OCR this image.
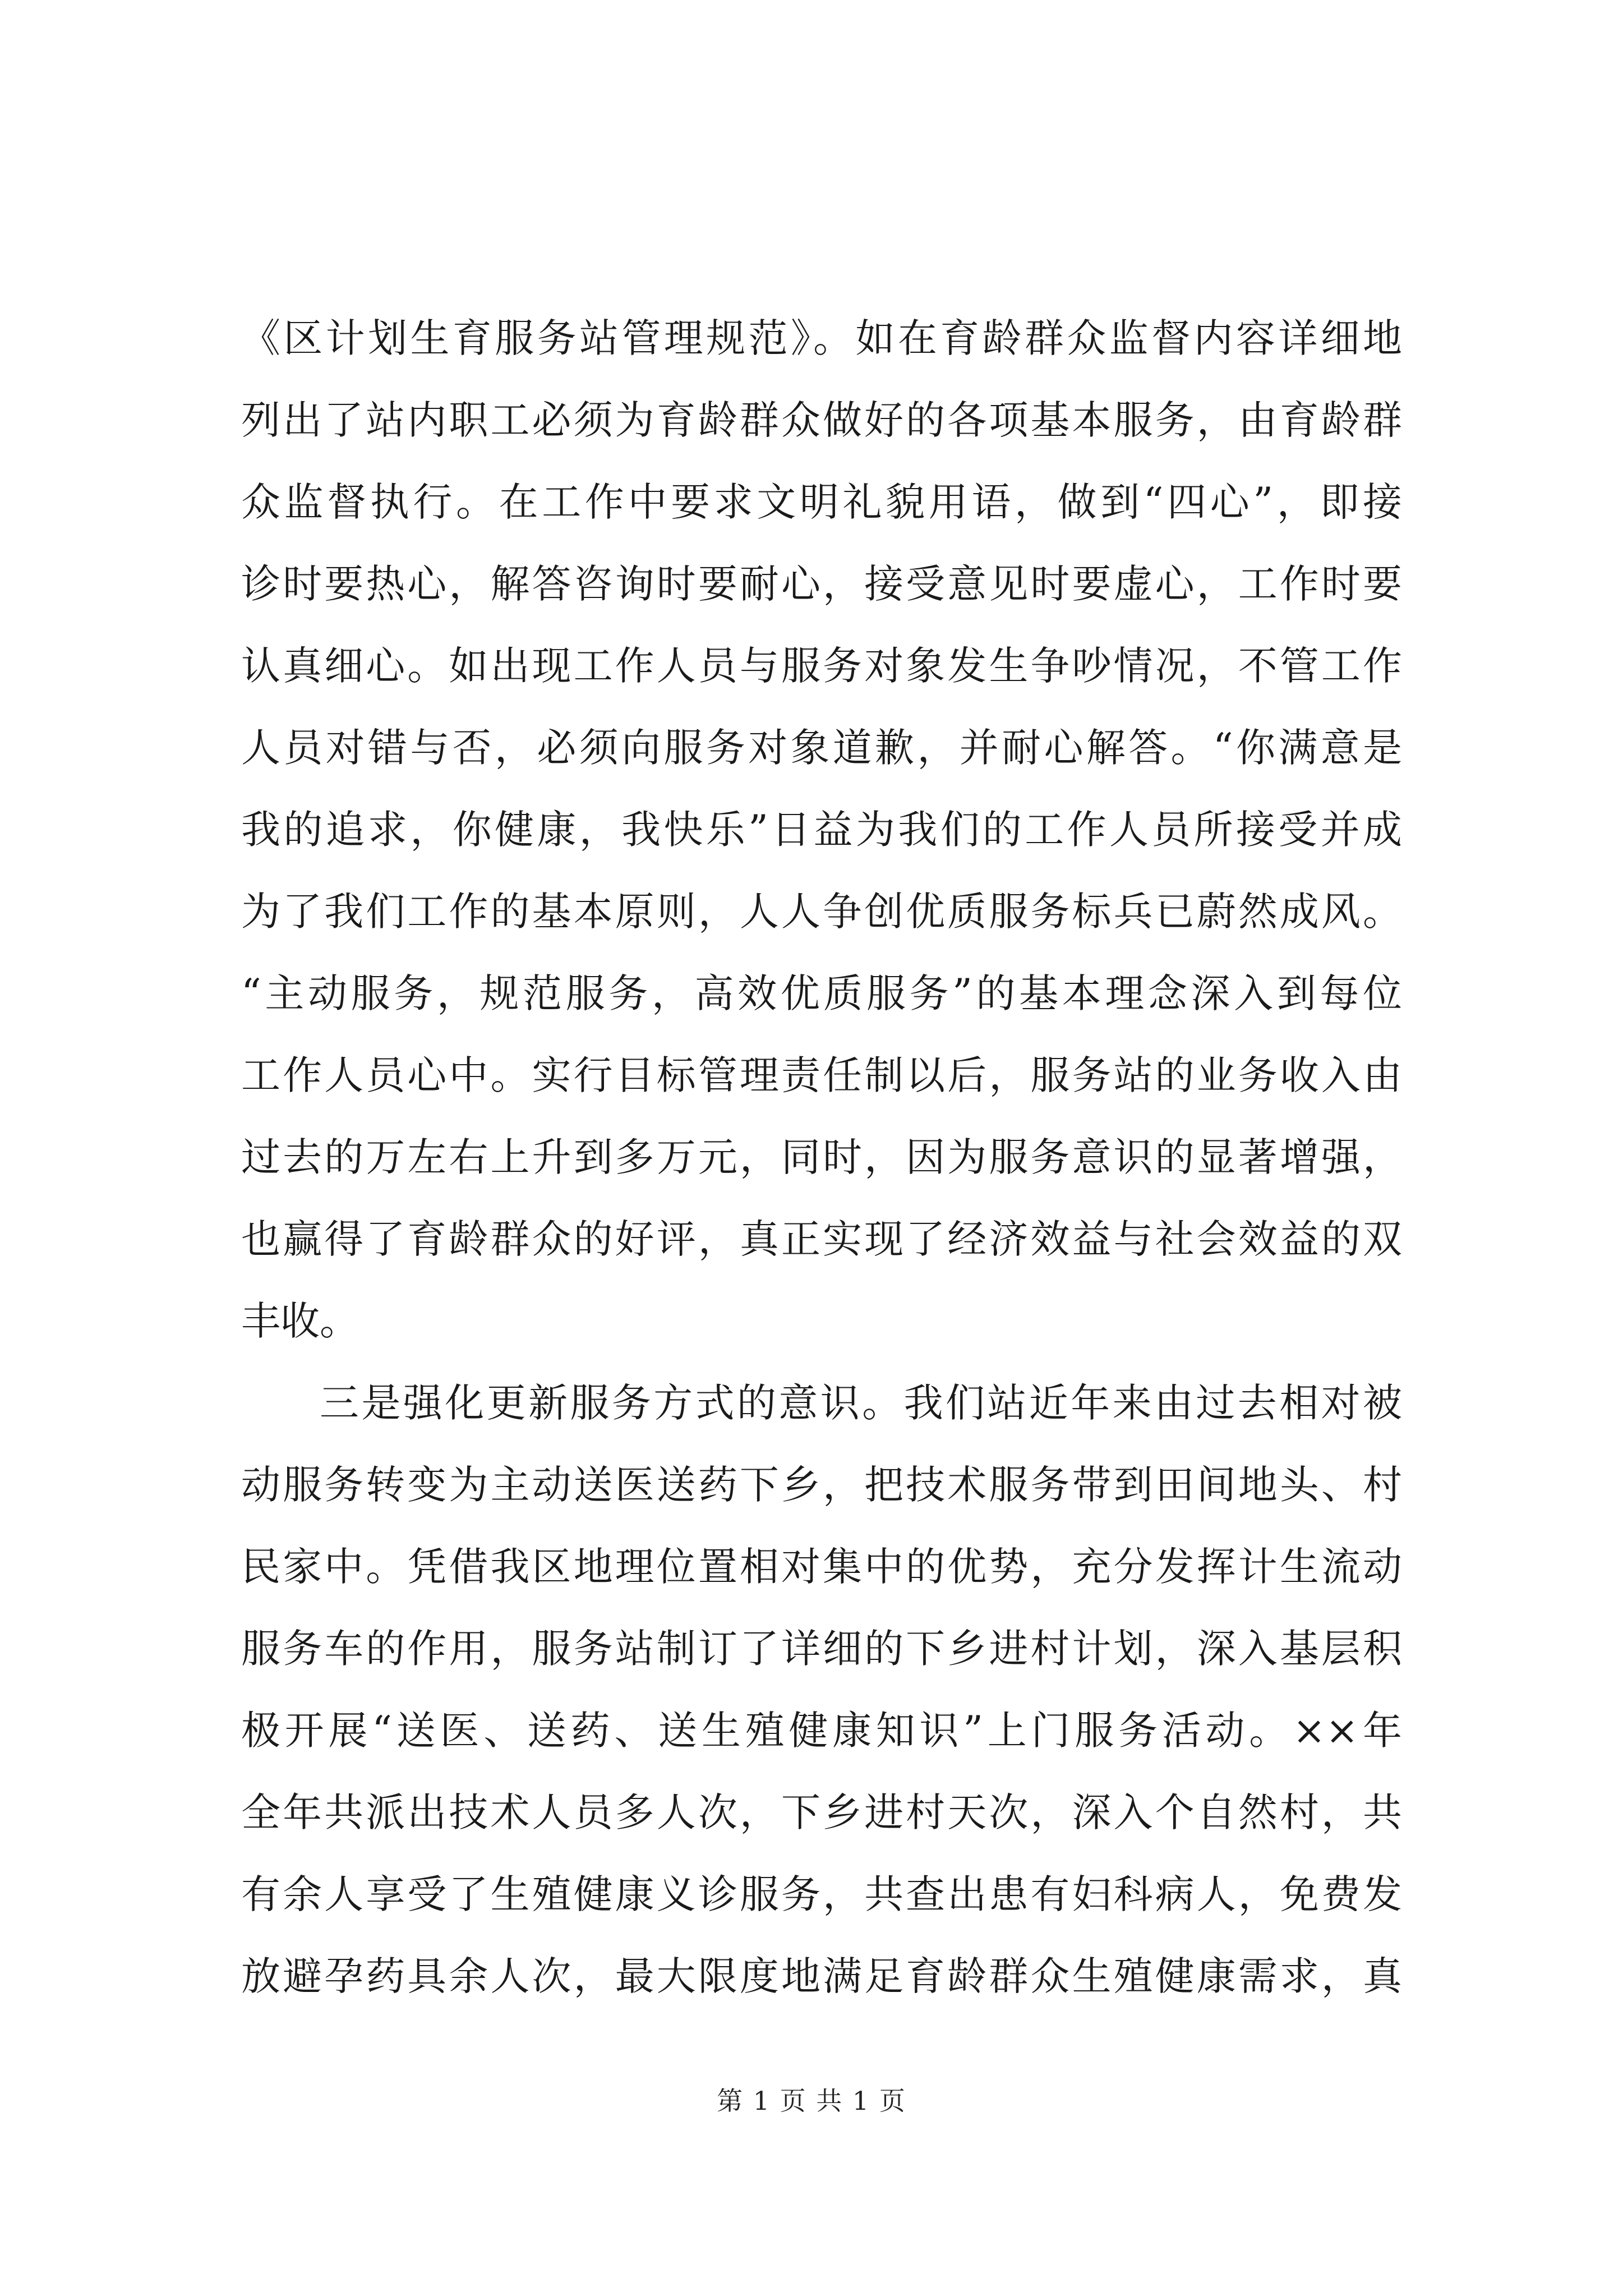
《区计划生育服务站管理规范》。如在育龄群众监督内容详细地
列出了站内职工必须为育龄群众做好的各项基本服务，由育龄群
众监督执行。在工作中要求文明礼貌用语，做到“四心”，即接
诊时要热心，解答咨询时要耐心，接受意见时要虚心，工作时要
认真细心。如出现工作人员与服务对象发生争吵情况，不管工作
人员对错与否，必须向服务对象道歉，并耐心解答。“你满意是
我的追求，你健康，我快乐”日益为我们的工作人员所接受并成
为了我们工作的基本原则，人人争创优质服务标兵已蔚然成风。
“主动服务，规范服务，高效优质服务”的基本理念深入到每位
工作人员心中。实行目标管理责任制以后，服务站的业务收入由
过去的万左右上升到多万元，同时，因为服务意识的显著增强，
也赢得了育龄群众的好评，真正实现了经济效益与社会效益的双
丰收。
三是强化更新服务方式的意识。我们站近年来由过去相对被
动服务转变为主动送医送药下乡，把技术服务带到田间地头、村
民家中。凭借我区地理位置相对集中的优势，充分发挥计生流动
服务车的作用，服务站制订了详细的下乡进村计划，深入基层积
极开展“送医、送药、送生殖健康知识”上门服务活动。××年
全年共派出技术人员多人次，下乡进村天次，深入个自然村，共
有余人享受了生殖健康义诊服务，共查出患有妇科病人，免费发
放避孕药具余人次，最大限度地满足育龄群众生殖健康需求，真
第 1 页 共 1 页
